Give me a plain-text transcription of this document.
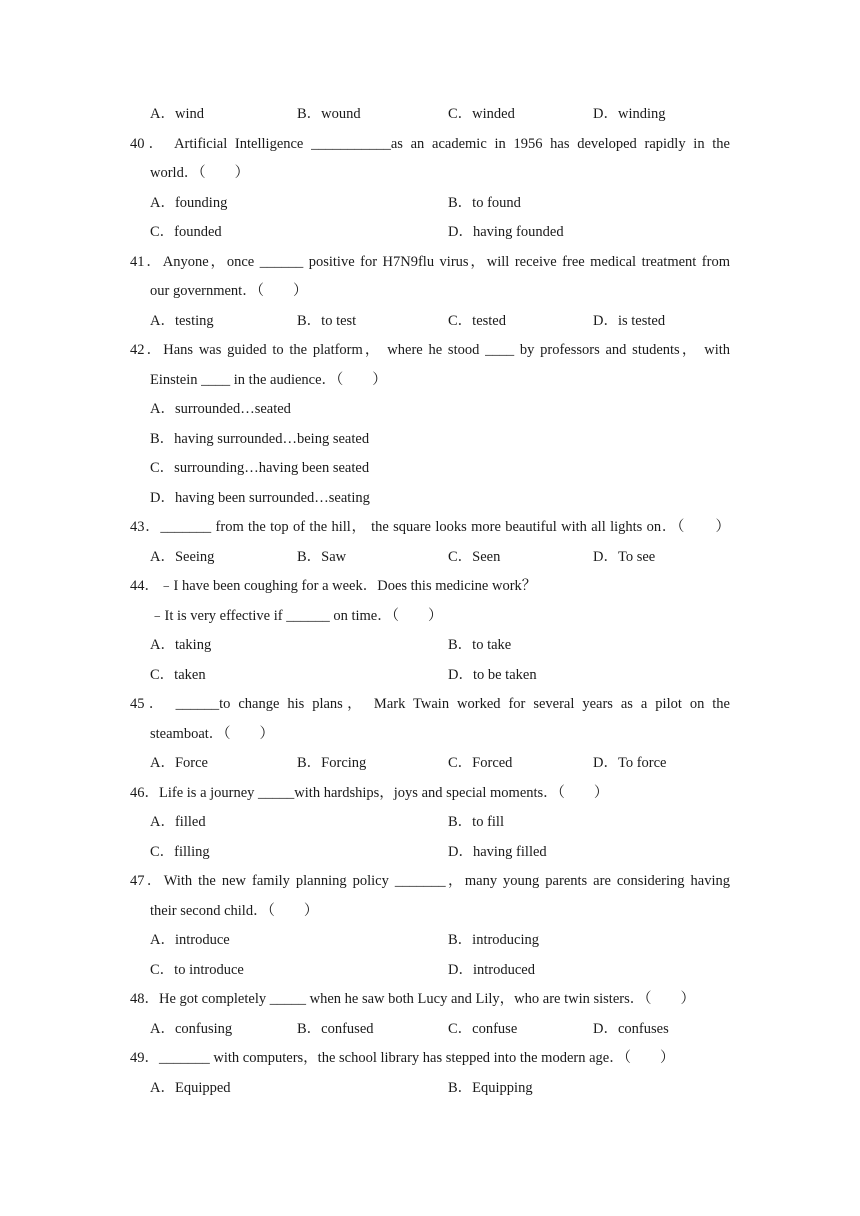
A．wind	B．wound	C．winded	D．winding
40． Artificial Intelligence ___________as an academic in 1956 has developed rapidly in the
world．（　　）
A．founding	B．to found
C．founded	D．having founded
41．Anyone，once ______ positive for H7N9flu virus，will receive free medical treatment from
our government．（　　）
A．testing	B．to test	C．tested	D．is tested
42．Hans was guided to the platform， where he stood ____ by professors and students， with
Einstein ____ in the audience．（　　）
A．surrounded…seated
B．having surrounded…being seated
C．surrounding…having been seated
D．having been surrounded…seating
43．_______ from the top of the hill， the square looks more beautiful with all lights on．（　　）
A．Seeing	B．Saw	C．Seen	D．To see
44．﹣I have been coughing for a week．Does this medicine work？
﹣It is very effective if ______ on time．（　　）
A．taking	B．to take
C．taken	D．to be taken
45． ______to change his plans， Mark Twain worked for several years as a pilot on the
steamboat．（　　）
A．Force	B．Forcing	C．Forced	D．To force
46．Life is a journey _____with hardships，joys and special moments．（　　）
A．filled	B．to fill
C．filling	D．having filled
47．With the new family planning policy _______，many young parents are considering having
their second child．（　　）
A．introduce	B．introducing
C．to introduce	D．introduced
48．He got completely _____ when he saw both Lucy and Lily，who are twin sisters．（　　）
A．confusing	B．confused	C．confuse	D．confuses
49．_______ with computers，the school library has stepped into the modern age．（　　）
A．Equipped	B．Equipping
